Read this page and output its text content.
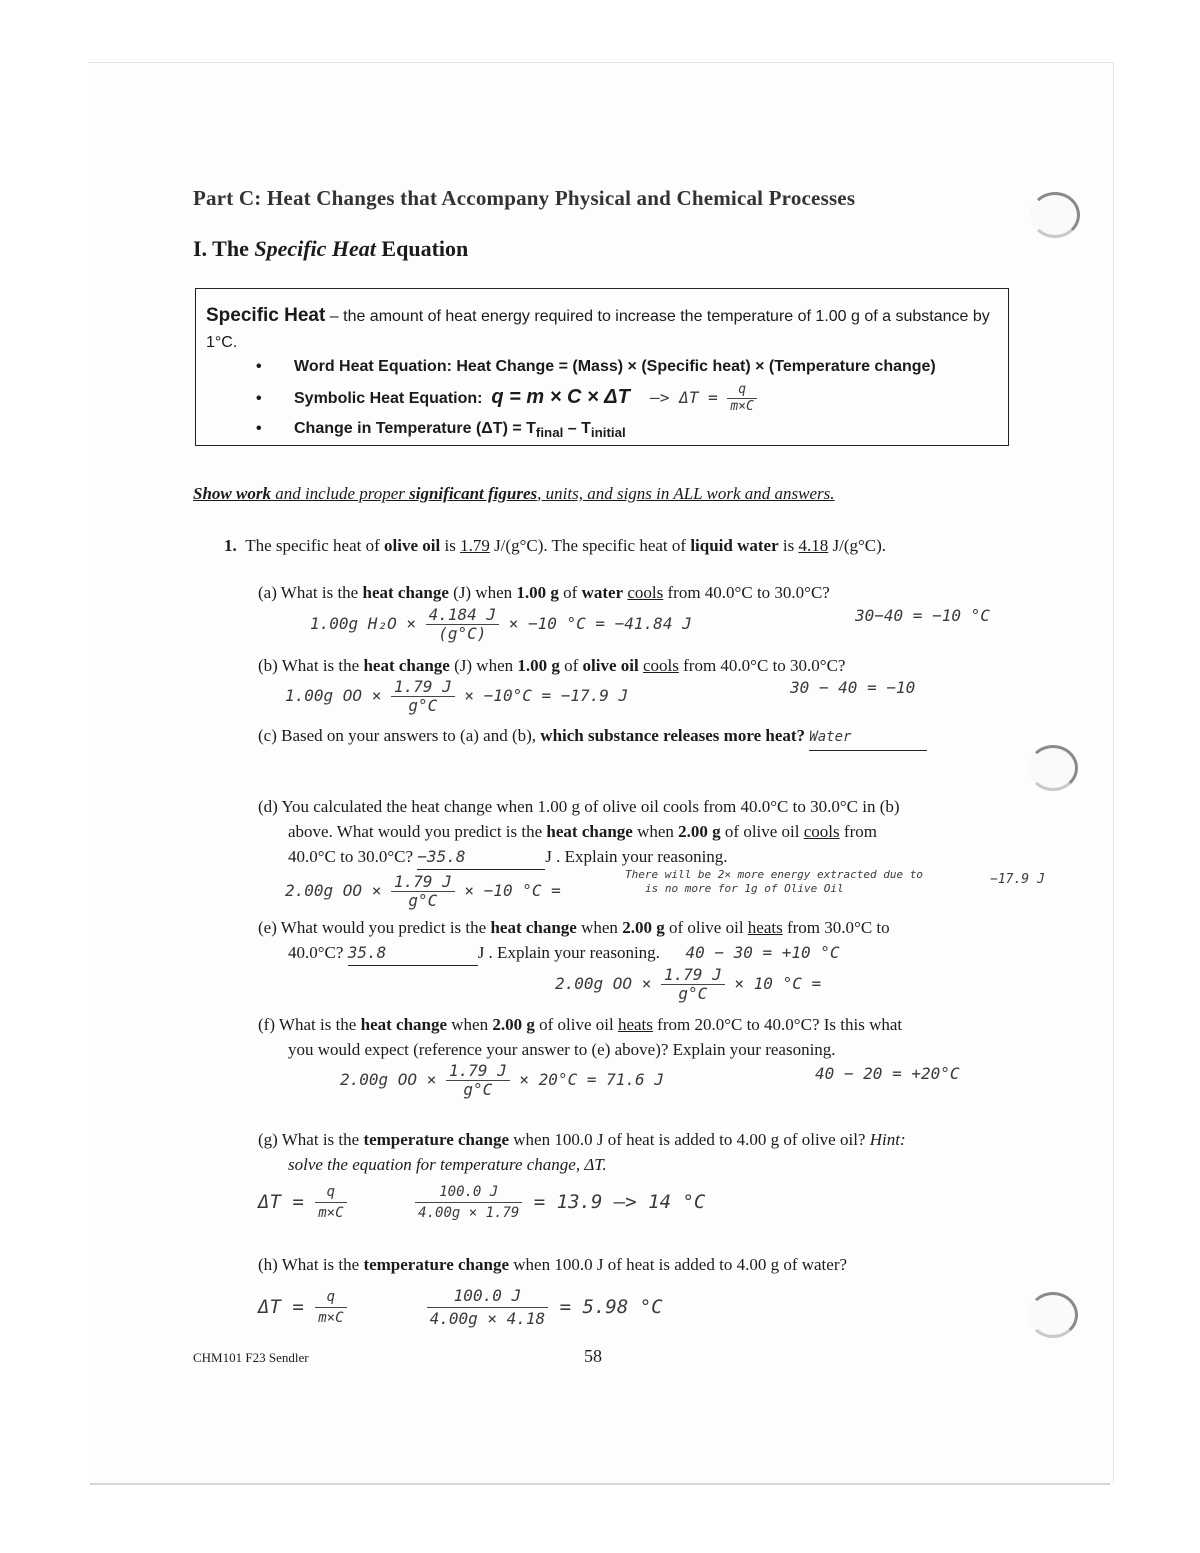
Part C: Heat Changes that Accompany Physical and Chemical Processes
I. The Specific Heat Equation
Specific Heat – the amount of heat energy required to increase the temperature of 1.00 g of a substance by 1°C.
• Word Heat Equation: Heat Change = (Mass) × (Specific heat) × (Temperature change)
• Symbolic Heat Equation: q = m × C × ΔT —> $\Delta T = \frac{q}{m\times C}$
• Change in Temperature $(\Delta T) = T_{final} - T_{initial}$
Show work and include proper significant figures, units, and signs in ALL work and answers.
1. The specific heat of olive oil is 1.79 J/(g°C). The specific heat of liquid water is 4.18 J/(g°C).
(a) What is the heat change (J) when 1.00 g of water cools from 40.0°C to 30.0°C?
1.00g $H_2O \times \frac{4.184 J}{(g^\circ C)} \times -10$ °C = −41.84 J	30−40 = −10 °C
(b) What is the heat change (J) when 1.00 g of olive oil cools from 40.0°C to 30.0°C?
1.00g OO × $\frac{1.79 J}{g^\circ C} \times -10^\circ C = -17.9$ J	30 − 40 = −10
(c) Based on your answers to (a) and (b), which substance releases more heat? Water
(d) You calculated the heat change when 1.00 g of olive oil cools from 40.0°C to 30.0°C in (b)
above. What would you predict is the heat change when 2.00 g of olive oil cools from
40.0°C to 30.0°C? −35.8	J . Explain your reasoning.
2.00g OO × $\frac{1.79 J}{g^\circ C} \times -10$ °C =
There will be 2× more energy extracted due to
is no more for 1g of Olive Oil
−17.9 J
(e) What would you predict is the heat change when 2.00 g of olive oil heats from 30.0°C to
40.0°C? 35.8	J . Explain your reasoning. 40 − 30 = +10 °C
2.00g OO × $\frac{1.79 J}{g^\circ C} \times 10$ °C =
(f) What is the heat change when 2.00 g of olive oil heats from 20.0°C to 40.0°C? Is this what
you would expect (reference your answer to (e) above)? Explain your reasoning.
2.00g OO × $\frac{1.79 J}{g^\circ C} \times 20^\circ C = 71.6$ J	40 − 20 = +20°C
(g) What is the temperature change when 100.0 J of heat is added to 4.00 g of olive oil? Hint:
solve the equation for temperature change, ΔT.
$\Delta T = \frac{q}{m\times C}$
	$\frac{100.0 J}{4.00g \times 1.79} = 13.9$ —> 14 °C
(h) What is the temperature change when 100.0 J of heat is added to 4.00 g of water?
$\Delta T = \frac{q}{m\times C}$
	$\frac{100.0 J}{4.00g \times 4.18} = 5.98$ °C
CHM101 F23 Sendler	58
